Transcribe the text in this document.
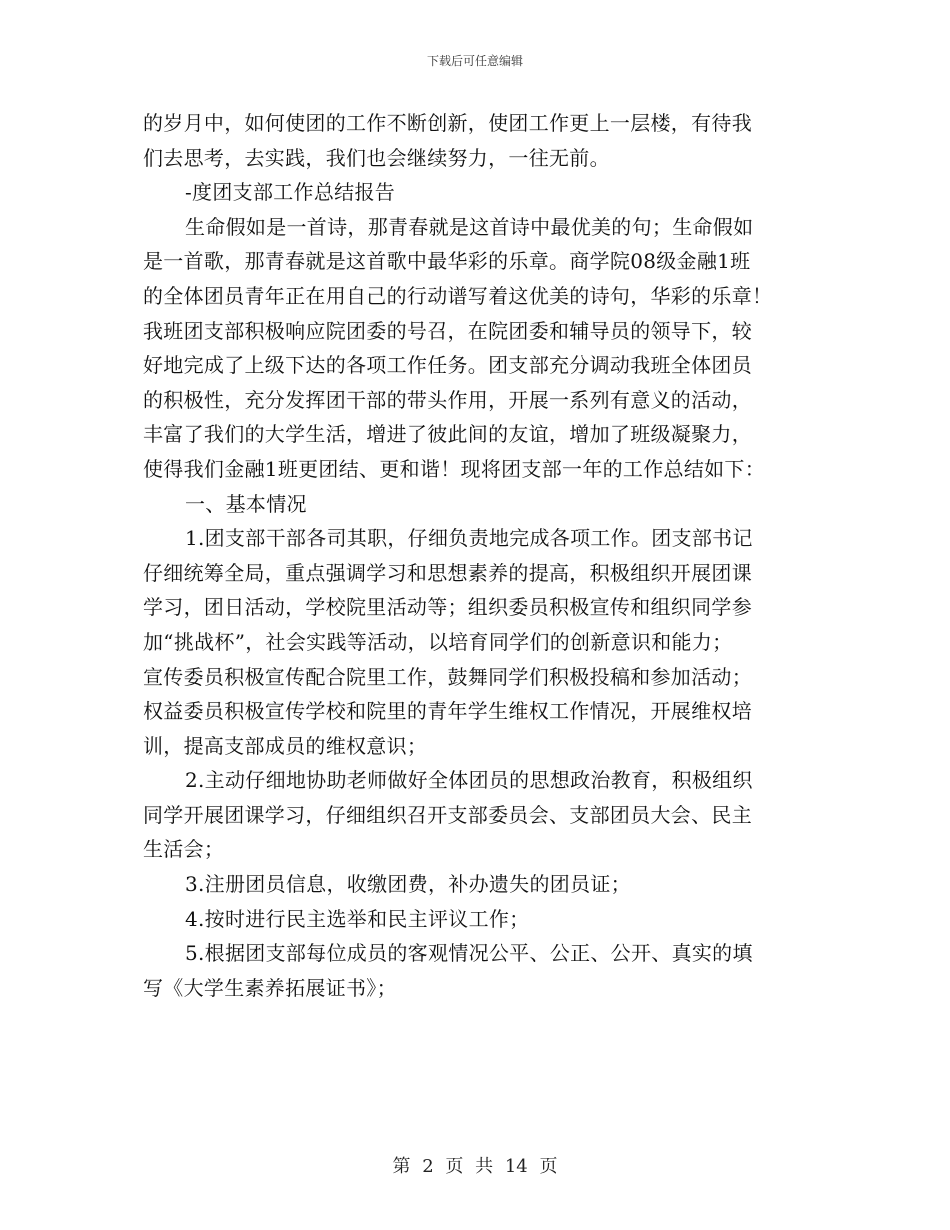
下载后可任意编辑
的岁月中，如何使团的工作不断创新，使团工作更上一层楼，有待我
们去思考，去实践，我们也会继续努力，一往无前。
-度团支部工作总结报告
生命假如是一首诗，那青春就是这首诗中最优美的句；生命假如
是一首歌，那青春就是这首歌中最华彩的乐章。商学院08级金融1班
的全体团员青年正在用自己的行动谱写着这优美的诗句，华彩的乐章！
我班团支部积极响应院团委的号召，在院团委和辅导员的领导下，较
好地完成了上级下达的各项工作任务。团支部充分调动我班全体团员
的积极性，充分发挥团干部的带头作用，开展一系列有意义的活动，
丰富了我们的大学生活，增进了彼此间的友谊，增加了班级凝聚力，
使得我们金融1班更团结、更和谐！现将团支部一年的工作总结如下：
一、基本情况
1.团支部干部各司其职，仔细负责地完成各项工作。团支部书记
仔细统筹全局，重点强调学习和思想素养的提高，积极组织开展团课
学习，团日活动，学校院里活动等；组织委员积极宣传和组织同学参
加“挑战杯”，社会实践等活动，以培育同学们的创新意识和能力；
宣传委员积极宣传配合院里工作，鼓舞同学们积极投稿和参加活动；
权益委员积极宣传学校和院里的青年学生维权工作情况，开展维权培
训，提高支部成员的维权意识；
2.主动仔细地协助老师做好全体团员的思想政治教育，积极组织
同学开展团课学习，仔细组织召开支部委员会、支部团员大会、民主
生活会；
3.注册团员信息，收缴团费，补办遗失的团员证；
4.按时进行民主选举和民主评议工作；
5.根据团支部每位成员的客观情况公平、公正、公开、真实的填
写《大学生素养拓展证书》；
第 2 页 共 14 页
